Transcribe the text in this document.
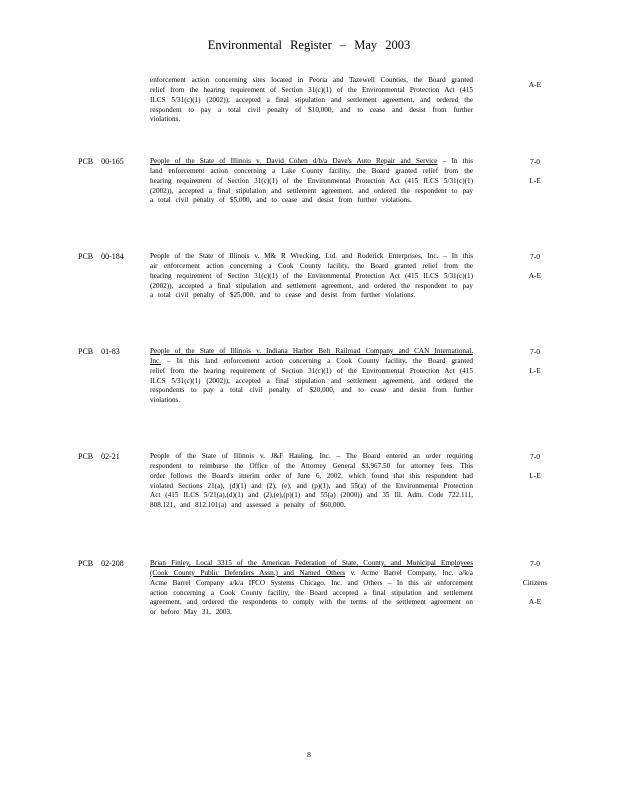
Environmental Register – May 2003
enforcement action concerning sites located in Peoria and Tazewell Counties, the Board granted relief from the hearing requirement of Section 31(c)(1) of the Environmental Protection Act (415 ILCS 5/31(c)(1) (2002)), accepted a final stipulation and settlement agreement, and ordered the respondent to pay a total civil penalty of $10,000, and to cease and desist from further violations.
A-E
PCB 00-165	People of the State of Illinois v. David Cohen d/b/a Dave's Auto Repair and Service – In this land enforcement action concerning a Lake County facility, the Board granted relief from the hearing requirement of Section 31(c)(1) of the Environmental Protection Act (415 ILCS 5/31(c)(1) (2002)), accepted a final stipulation and settlement agreement, and ordered the respondent to pay a total civil penalty of $5,000, and to cease and desist from further violations.
7-0
L-E
PCB 00-184	People of the State of Illinois v. M& R Wrecking, Ltd. and Roderick Enterprises, Inc. – In this air enforcement action concerning a Cook County facility, the Board granted relief from the hearing requirement of Section 31(c)(1) of the Environmental Protection Act (415 ILCS 5/31(c)(1) (2002)), accepted a final stipulation and settlement agreement, and ordered the respondent to pay a total civil penalty of $25,000, and to cease and desist from further violations.
7-0
A-E
PCB 01-83	People of the State of Illinois v. Indiana Harbor Belt Railroad Company and CAN International, Inc. – In this land enforcement action concerning a Cook County facility, the Board granted relief from the hearing requirement of Section 31(c)(1) of the Environmental Protection Act (415 ILCS 5/31(c)(1) (2002)), accepted a final stipulation and settlement agreement, and ordered the respondents to pay a total civil penalty of $20,000, and to cease and desist from further violations.
7-0
L-E
PCB 02-21	People of the State of Illinois v. J&F Hauling, Inc. – The Board entered an order requiring respondent to reimburse the Office of the Attorney General $3,967.50 for attorney fees. This order follows the Board's interim order of June 6, 2002, which found that this respondent had violated Sections 21(a), (d)(1) and (2), (e), and (p)(1), and 55(a) of the Environmental Protection Act (415 ILCS 5/21(a),(d)(1) and (2),(e),(p)(1) and 55(a) (2000)) and 35 Ill. Adm. Code 722.111, 808.121, and 812.101(a) and assessed a penalty of $60,000.
7-0
L-E
PCB 02-208	Brian Finley, Local 3315 of the American Federation of State, County, and Municipal Employees (Cook County Public Defenders Assn.) and Named Others v. Acme Barrel Company, Inc. a/k/a Acme Barrel Company a/k/a IFCO Systems Chicago, Inc. and Others – In this air enforcement action concerning a Cook County facility, the Board accepted a final stipulation and settlement agreement, and ordered the respondents to comply with the terms of the settlement agreement on or before May 31, 2003.
7-0
Citizens
A-E
8
